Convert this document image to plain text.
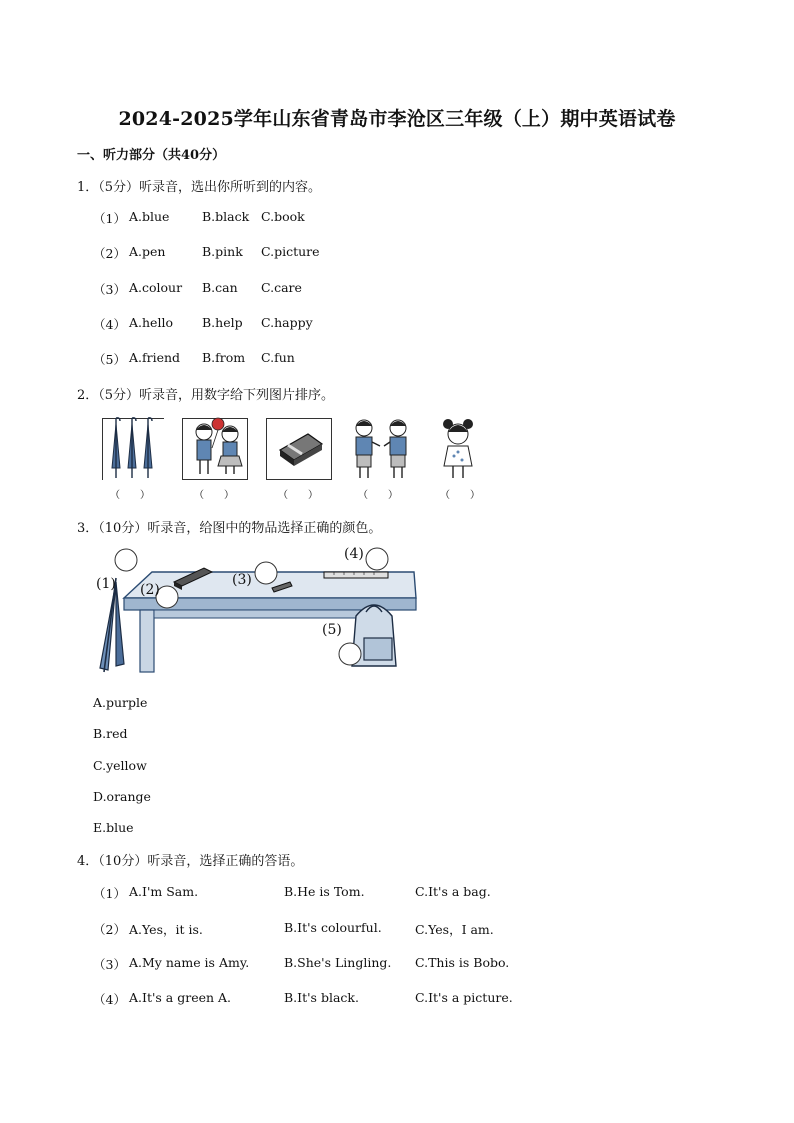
2024-2025学年山东省青岛市李沧区三年级（上）期中英语试卷
一、听力部分（共40分）
1．（5分）听录音，选出你所听到的内容。
（1） A.blue	B.black C.book
（2） A.pen	B.pink C.picture
（3） A.colour B.can C.care
（4） A.hello B.help C.happy
（5） A.friend B.from C.fun
2．（5分）听录音，用数字给下列图片排序。
（　　）	（　　）	（　　）	（　　）	（　　）
3．（10分）听录音，给图中的物品选择正确的颜色。
(1) (2)
(3)
(4)
(5)
A.purple
B.red
C.yellow
D.orange
E.blue
4．（10分）听录音，选择正确的答语。
（1） A.I'm Sam.	B.He is Tom.	C.It's a bag.
（2） A.Yes，it is.	B.It's colourful.	C.Yes，I am.
（3） A.My name is Amy.	B.She's Lingling. C.This is Bobo.
（4） A.It's a green A.	B.It's black.	C.It's a picture.
